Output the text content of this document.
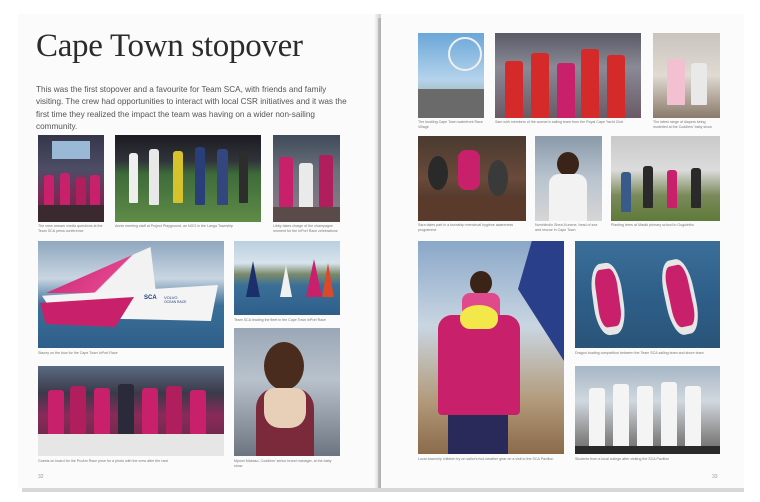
Cape Town stopover

This was the first stopover and a favourite for Team SCA, with friends and family visiting. The crew had opportunities to interact with local CSR initiatives and it was the first time they realized the impact the team was having on a wider non-sailing community.

The crew answer media questions at the Team SCA press conference
Annie meeting staff at Project Playground, an NGO in the Langa Township	Libby takes charge of the champagne moment for the InPort Race celebrations
SCA VOLVO
OCEAN RACE
Stacey on the bow for the Cape Town InPort Race
Team SCA leading the fleet in the Cape Town InPort Race
Guests on board for the ProAm Race pose for a photo with the crew after the race	Mpumi Mabaso, Coddlers' senior brand manager, at the baby show
32
The bustling Cape Town waterfront Race Village
Sam with members of the women's sailing team from the Royal Cape Yacht Club	The latest range of diapers being modelled at the Cuddlers' baby show
Sara takes part in a township menstrual hygiene awareness programme
Nomhlindlo Shezi-Kunene, head of sea and rescue in Cape Town
Planting trees at Masiki primary school in Gugulethu
Local township children try on sailor's foul-weather gear on a visit to the SCA Pavilion
Dragon boating competition between the Team SCA sailing team and shore team
Students from a local college after visiting the SCA Pavilion
33
